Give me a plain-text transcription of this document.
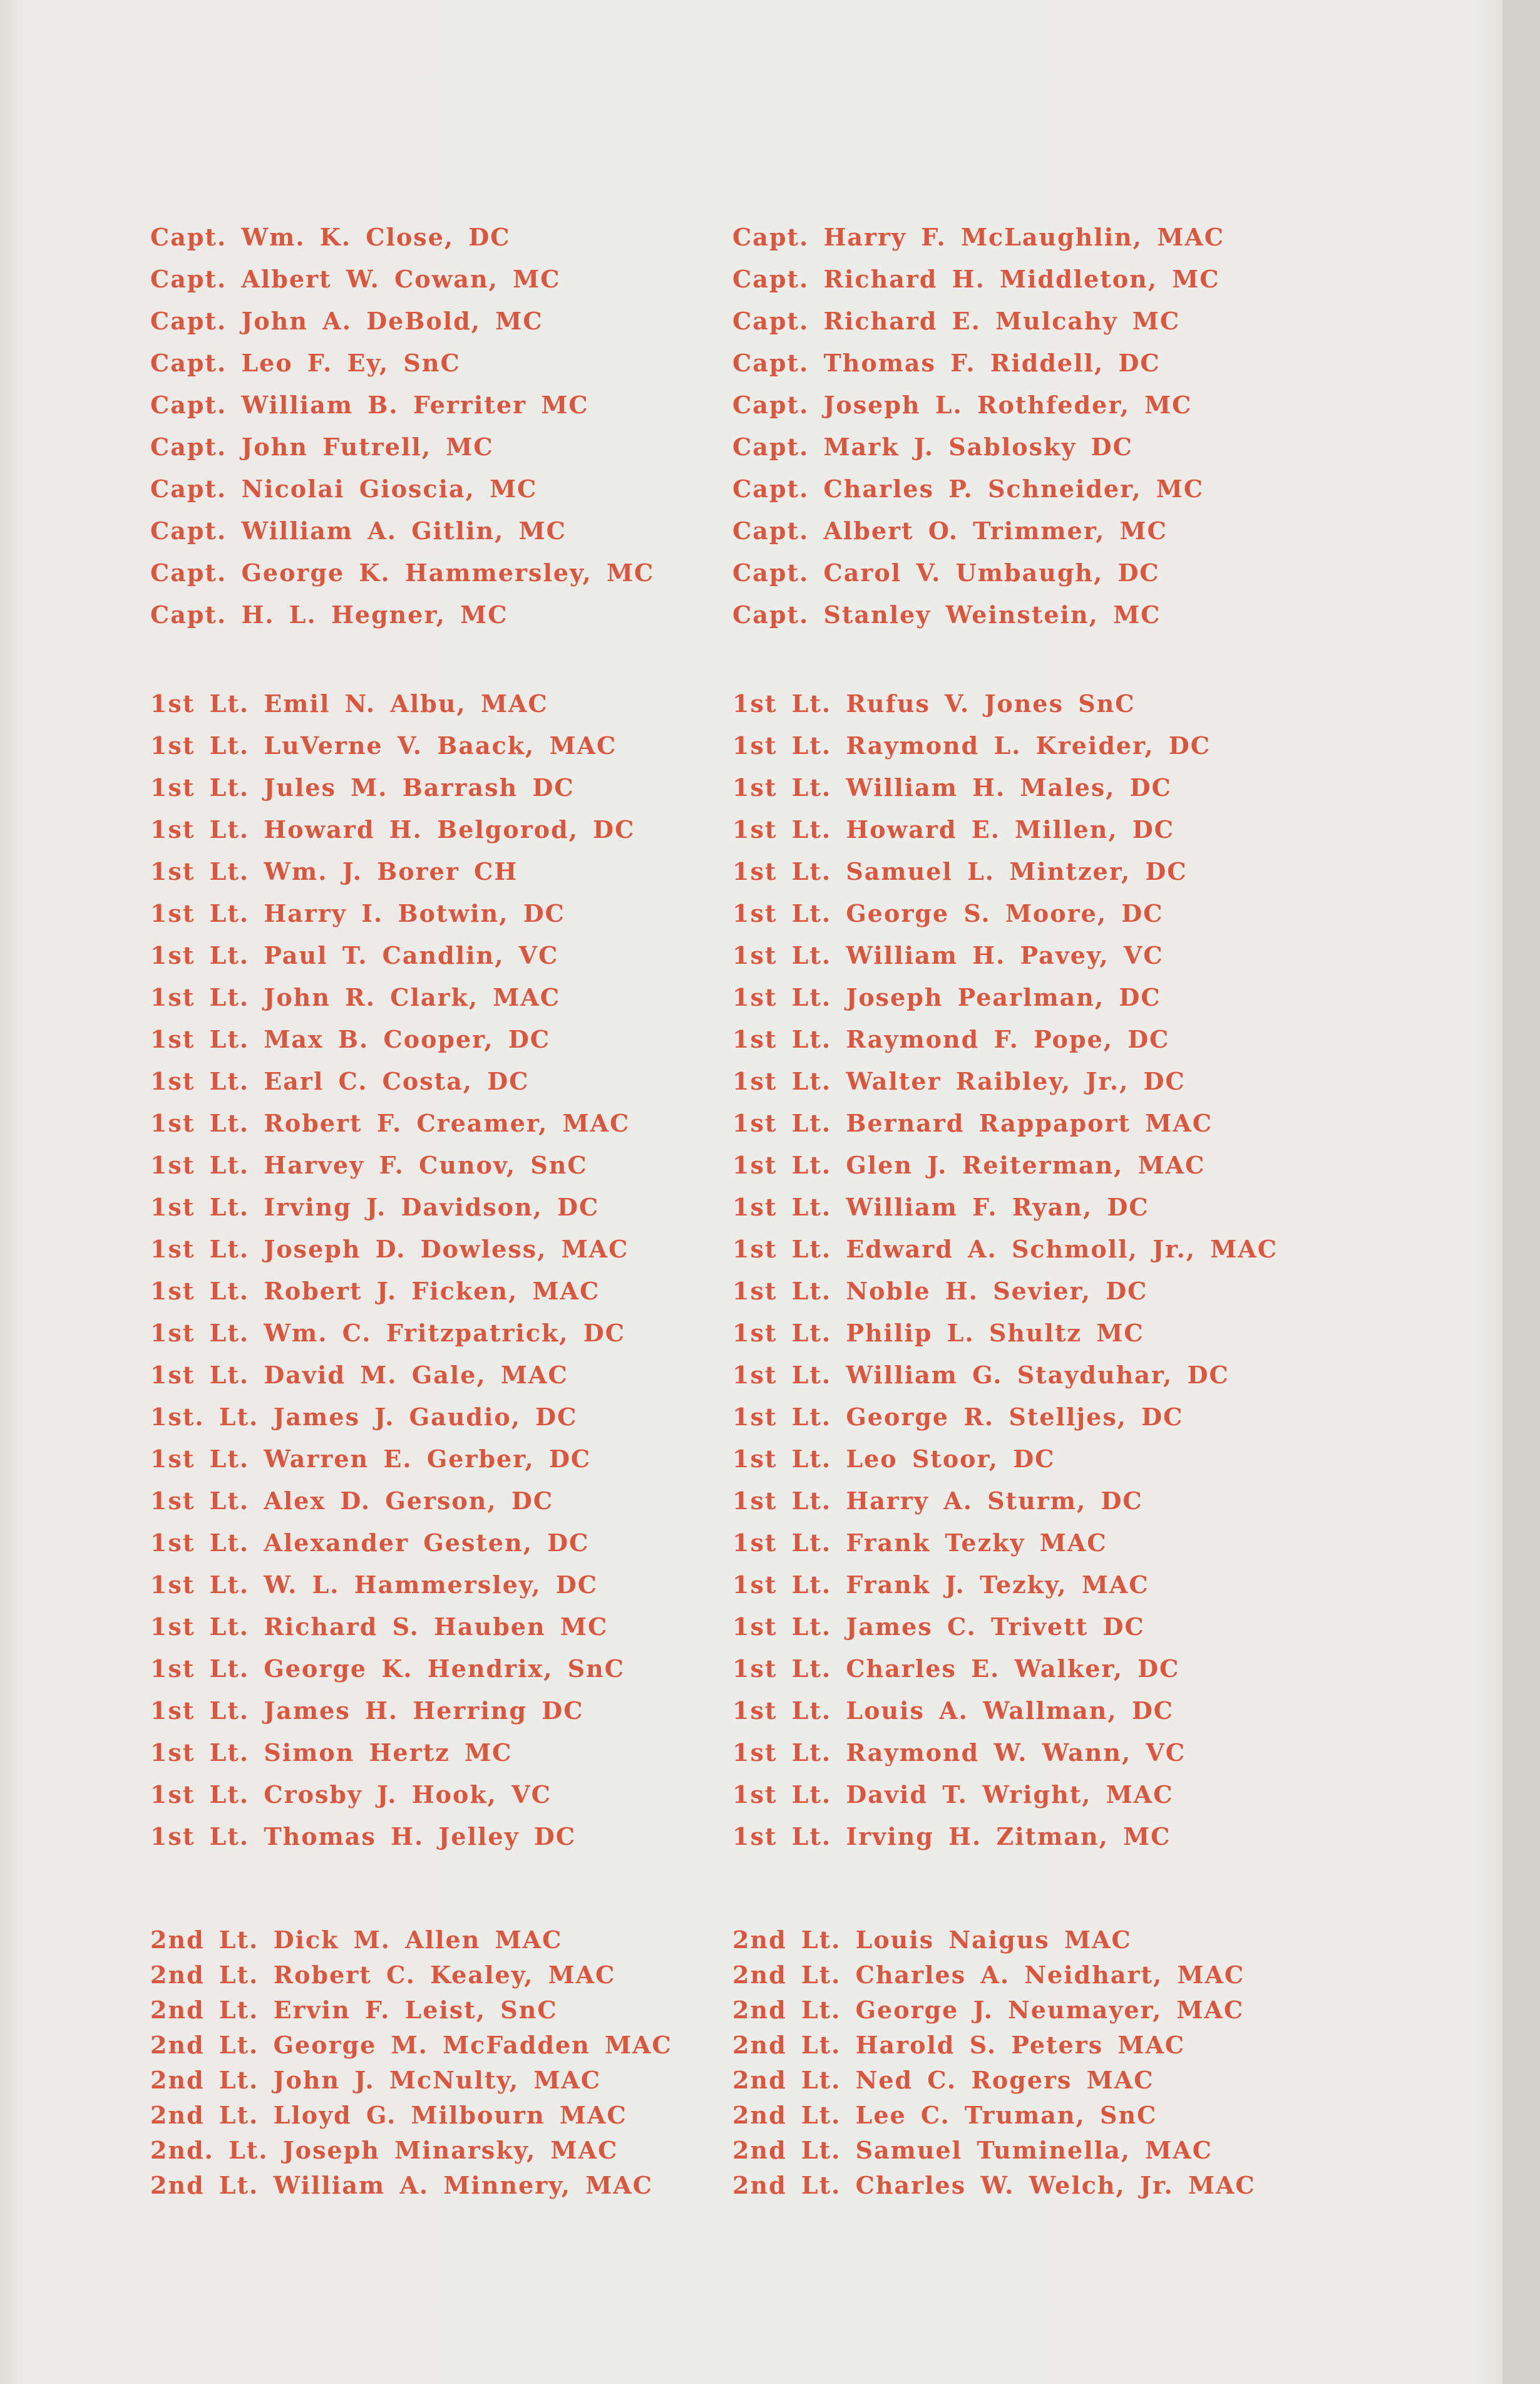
Capt. Wm. K. Close, DC
Capt. Albert W. Cowan, MC
Capt. John A. DeBold, MC
Capt. Leo F. Ey, SnC
Capt. William B. Ferriter MC
Capt. John Futrell, MC
Capt. Nicolai Gioscia, MC
Capt. William A. Gitlin, MC
Capt. George K. Hammersley, MC
Capt. H. L. Hegner, MC
1st Lt. Emil N. Albu, MAC
1st Lt. LuVerne V. Baack, MAC
1st Lt. Jules M. Barrash DC
1st Lt. Howard H. Belgorod, DC
1st Lt. Wm. J. Borer CH
1st Lt. Harry I. Botwin, DC
1st Lt. Paul T. Candlin, VC
1st Lt. John R. Clark, MAC
1st Lt. Max B. Cooper, DC
1st Lt. Earl C. Costa, DC
1st Lt. Robert F. Creamer, MAC
1st Lt. Harvey F. Cunov, SnC
1st Lt. Irving J. Davidson, DC
1st Lt. Joseph D. Dowless, MAC
1st Lt. Robert J. Ficken, MAC
1st Lt. Wm. C. Fritzpatrick, DC
1st Lt. David M. Gale, MAC
1st. Lt. James J. Gaudio, DC
1st Lt. Warren E. Gerber, DC
1st Lt. Alex D. Gerson, DC
1st Lt. Alexander Gesten, DC
1st Lt. W. L. Hammersley, DC
1st Lt. Richard S. Hauben MC
1st Lt. George K. Hendrix, SnC
1st Lt. James H. Herring DC
1st Lt. Simon Hertz MC
1st Lt. Crosby J. Hook, VC
1st Lt. Thomas H. Jelley DC
2nd Lt. Dick M. Allen MAC
2nd Lt. Robert C. Kealey, MAC
2nd Lt. Ervin F. Leist, SnC
2nd Lt. George M. McFadden MAC
2nd Lt. John J. McNulty, MAC
2nd Lt. Lloyd G. Milbourn MAC
2nd. Lt. Joseph Minarsky, MAC
2nd Lt. William A. Minnery, MAC
Capt. Harry F. McLaughlin, MAC
Capt. Richard H. Middleton, MC
Capt. Richard E. Mulcahy MC
Capt. Thomas F. Riddell, DC
Capt. Joseph L. Rothfeder, MC
Capt. Mark J. Sablosky DC
Capt. Charles P. Schneider, MC
Capt. Albert O. Trimmer, MC
Capt. Carol V. Umbaugh, DC
Capt. Stanley Weinstein, MC
1st Lt. Rufus V. Jones SnC
1st Lt. Raymond L. Kreider, DC
1st Lt. William H. Males, DC
1st Lt. Howard E. Millen, DC
1st Lt. Samuel L. Mintzer, DC
1st Lt. George S. Moore, DC
1st Lt. William H. Pavey, VC
1st Lt. Joseph Pearlman, DC
1st Lt. Raymond F. Pope, DC
1st Lt. Walter Raibley, Jr., DC
1st Lt. Bernard Rappaport MAC
1st Lt. Glen J. Reiterman, MAC
1st Lt. William F. Ryan, DC
1st Lt. Edward A. Schmoll, Jr., MAC
1st Lt. Noble H. Sevier, DC
1st Lt. Philip L. Shultz MC
1st Lt. William G. Stayduhar, DC
1st Lt. George R. Stelljes, DC
1st Lt. Leo Stoor, DC
1st Lt. Harry A. Sturm, DC
1st Lt. Frank Tezky MAC
1st Lt. Frank J. Tezky, MAC
1st Lt. James C. Trivett DC
1st Lt. Charles E. Walker, DC
1st Lt. Louis A. Wallman, DC
1st Lt. Raymond W. Wann, VC
1st Lt. David T. Wright, MAC
1st Lt. Irving H. Zitman, MC
2nd Lt. Louis Naigus MAC
2nd Lt. Charles A. Neidhart, MAC
2nd Lt. George J. Neumayer, MAC
2nd Lt. Harold S. Peters MAC
2nd Lt. Ned C. Rogers MAC
2nd Lt. Lee C. Truman, SnC
2nd Lt. Samuel Tuminella, MAC
2nd Lt. Charles W. Welch, Jr. MAC
